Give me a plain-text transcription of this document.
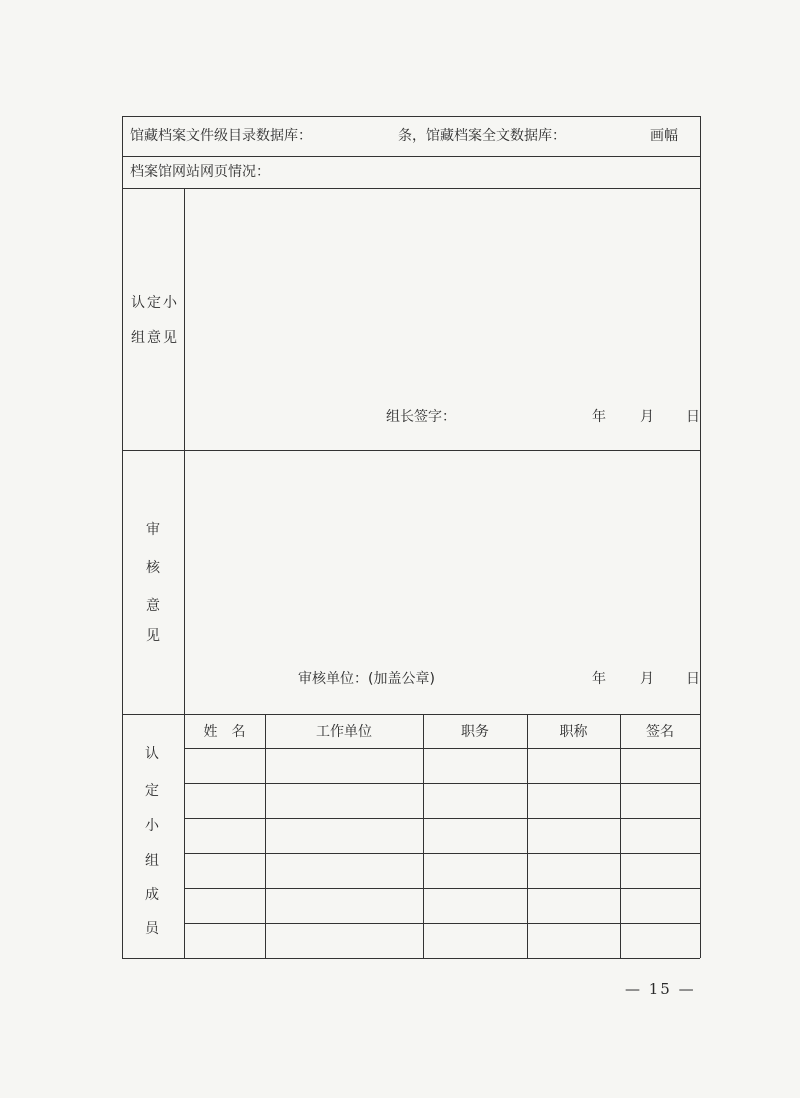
馆藏档案文件级目录数据库：	条，馆藏档案全文数据库：	画幅
档案馆网站网页情况：
认定小
组意见
组长签字：	年 月 日
审
核
意
见
审核单位：(加盖公章)	年 月 日
认
定
小
组
成
员
姓　名	工作单位	职务	职称	签名
— 15 —
